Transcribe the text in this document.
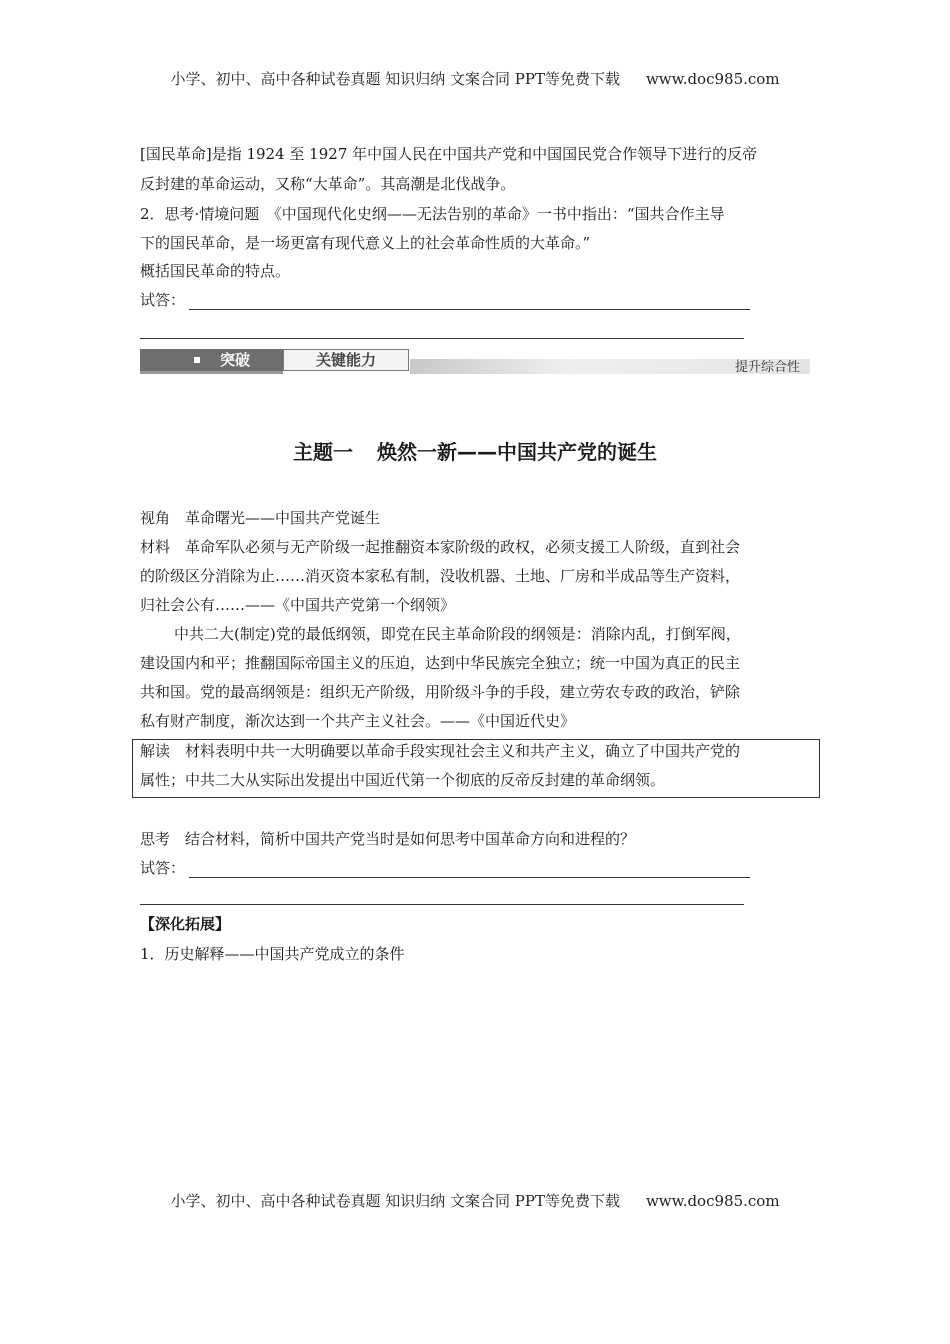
小学、初中、高中各种试卷真题 知识归纳 文案合同 PPT等免费下载 www.doc985.com
[国民革命]是指 1924 至 1927 年中国人民在中国共产党和中国国民党合作领导下进行的反帝
反封建的革命运动，又称“大革命”。其高潮是北伐战争。
2．思考·情境问题　《中国现代化史纲——无法告别的革命》一书中指出：“国共合作主导
下的国民革命，是一场更富有现代意义上的社会革命性质的大革命。”
概括国民革命的特点。
试答：
突破	关键能力	提升综合性
主题一 焕然一新——中国共产党的诞生
视角　革命曙光——中国共产党诞生
材料　革命军队必须与无产阶级一起推翻资本家阶级的政权，必须支援工人阶级，直到社会
的阶级区分消除为止……消灭资本家私有制，没收机器、土地、厂房和半成品等生产资料，
归社会公有……——《中国共产党第一个纲领》
中共二大(制定)党的最低纲领，即党在民主革命阶段的纲领是：消除内乱，打倒军阀，
建设国内和平；推翻国际帝国主义的压迫，达到中华民族完全独立；统一中国为真正的民主
共和国。党的最高纲领是：组织无产阶级，用阶级斗争的手段，建立劳农专政的政治，铲除
私有财产制度，渐次达到一个共产主义社会。——《中国近代史》
解读　材料表明中共一大明确要以革命手段实现社会主义和共产主义，确立了中国共产党的
属性；中共二大从实际出发提出中国近代第一个彻底的反帝反封建的革命纲领。
思考　结合材料，简析中国共产党当时是如何思考中国革命方向和进程的？
试答：
【深化拓展】
1．历史解释——中国共产党成立的条件
小学、初中、高中各种试卷真题 知识归纳 文案合同 PPT等免费下载 www.doc985.com
